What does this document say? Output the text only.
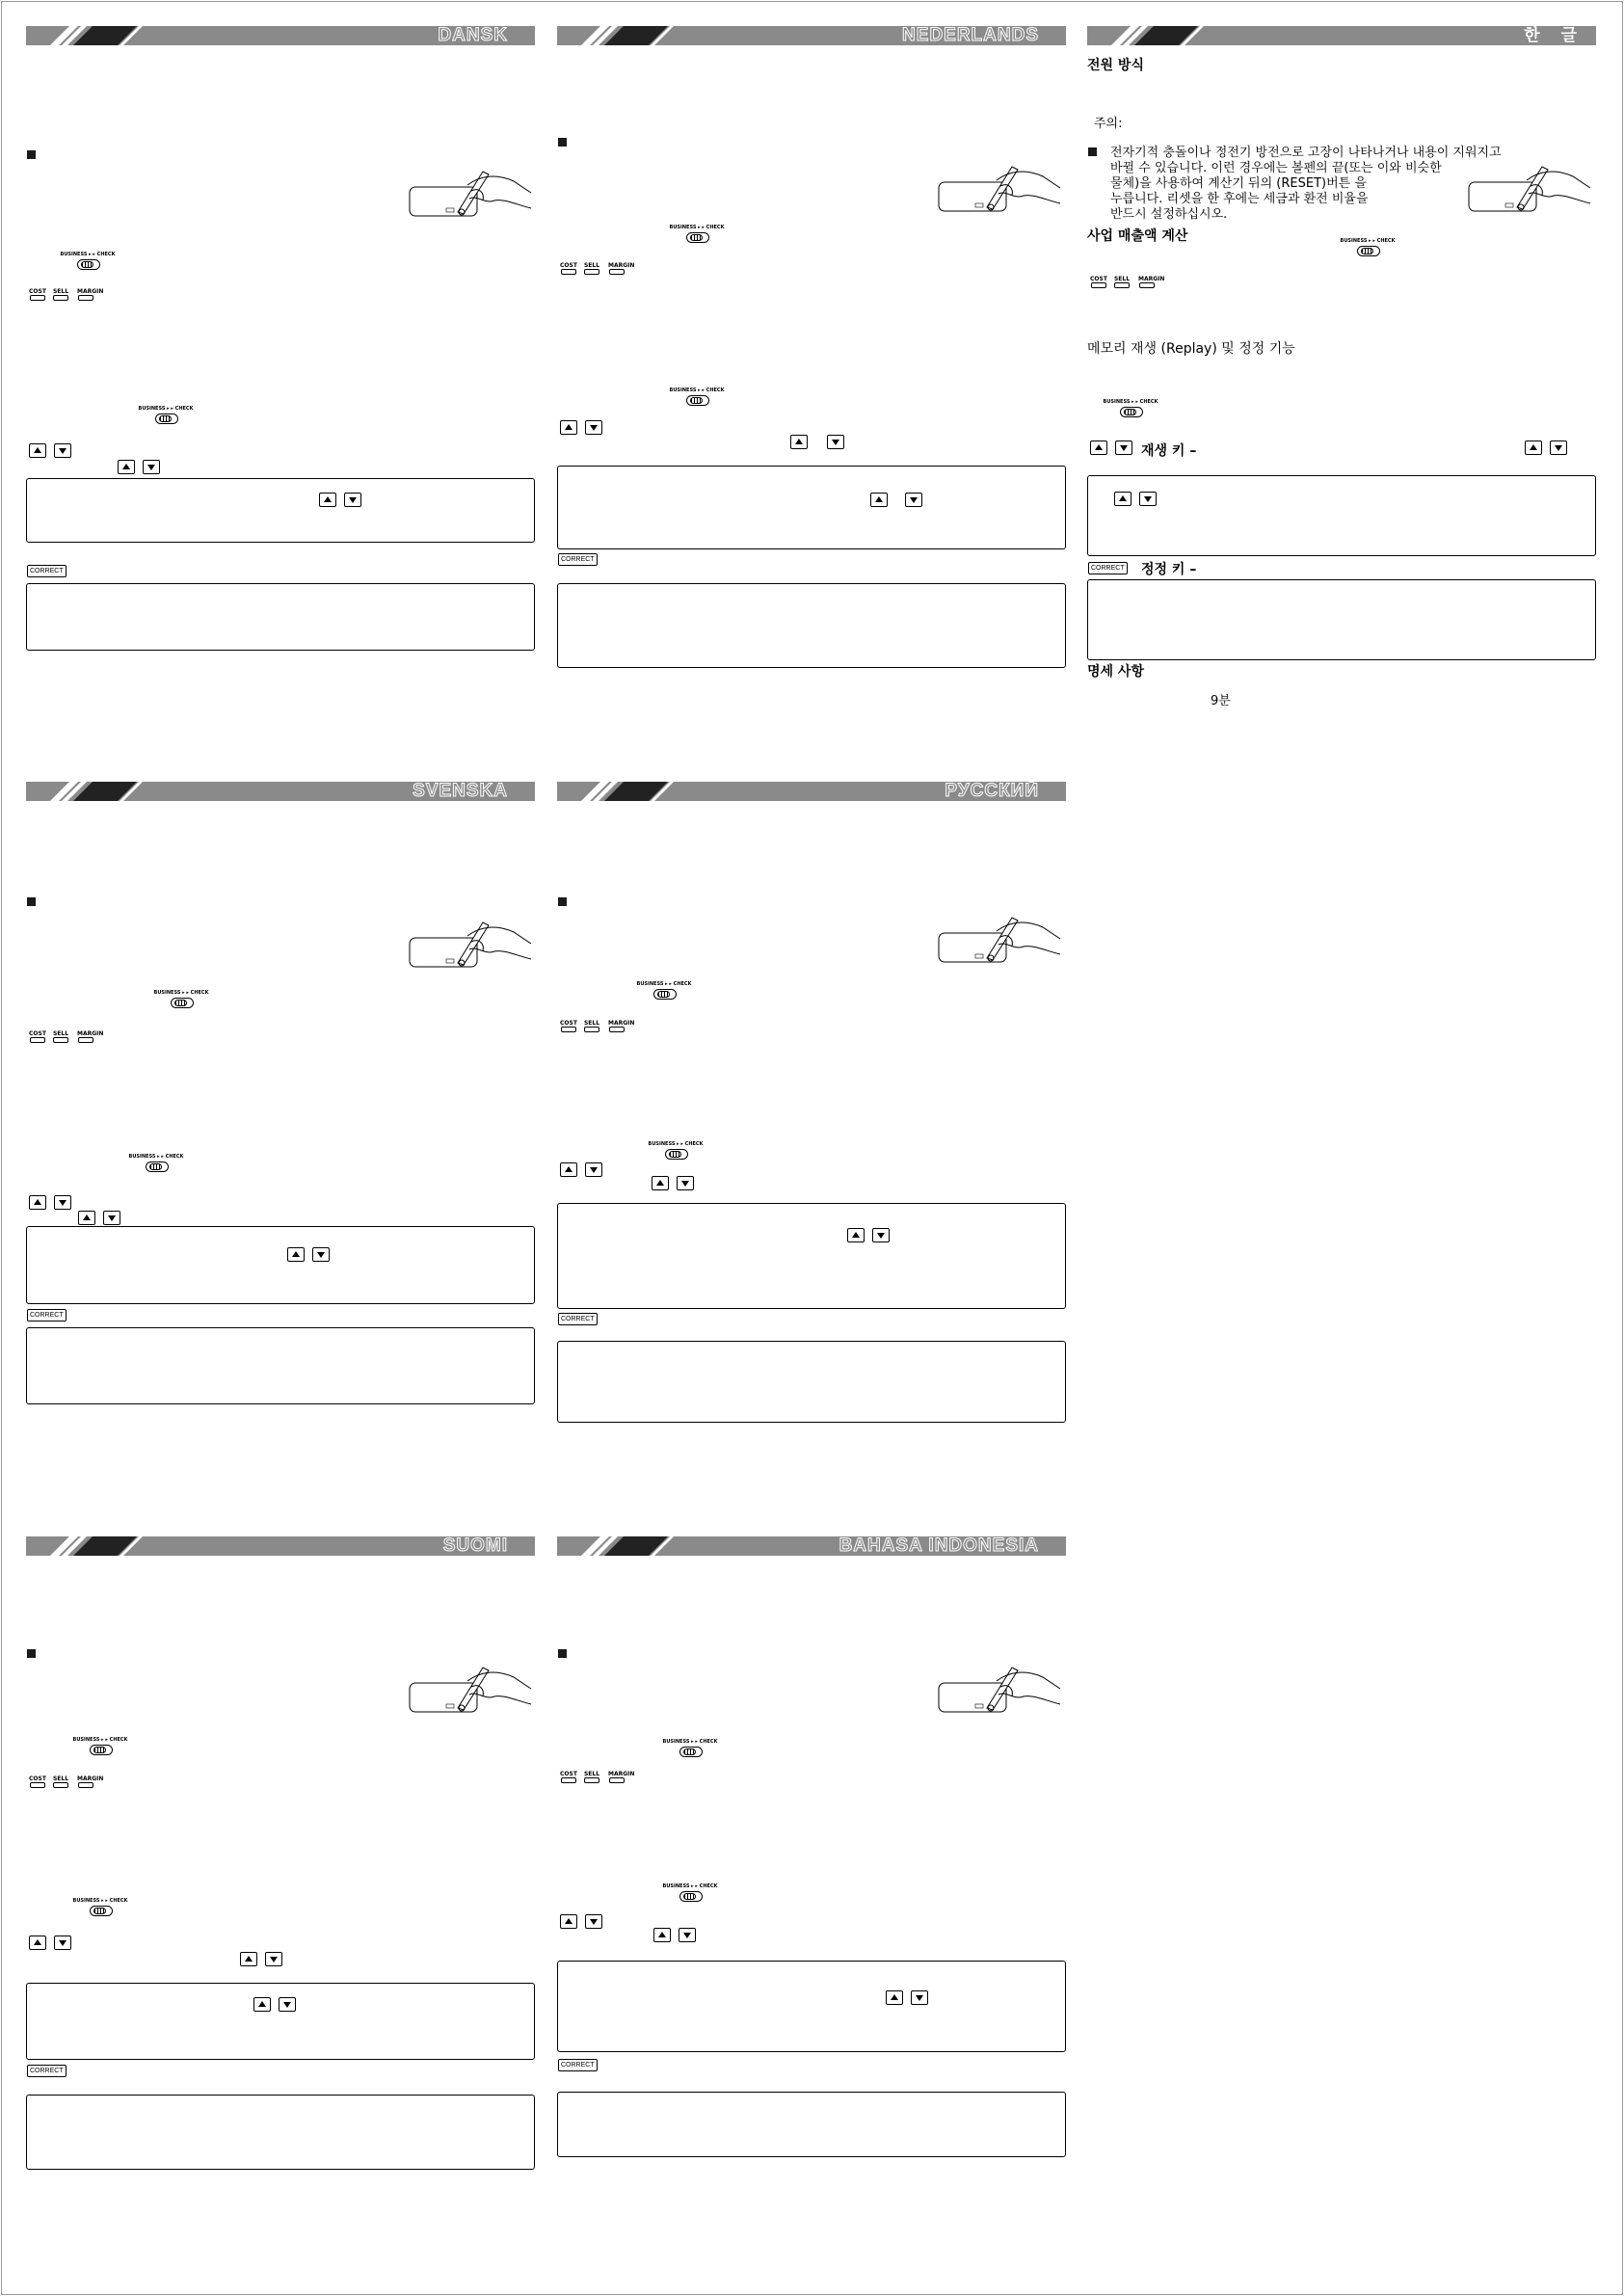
DANSK
BUSINESS ▸ ▸ CHECK
COST SELL MARGIN
BUSINESS ▸ ▸ CHECK
CORRECT
NEDERLANDS
BUSINESS ▸ ▸ CHECK
COST SELL MARGIN
BUSINESS ▸ ▸ CHECK
CORRECT
한 글
전원 방식
주의:
전자기적 충돌이나 정전기 방전으로 고장이 나타나거나 내용이 지워지고
바뀔 수 있습니다. 이런 경우에는 볼펜의 끝(또는 이와 비슷한
물체)을 사용하여 계산기 뒤의 (RESET)버튼 을
누릅니다. 리셋을 한 후에는 세금과 환전 비율을
반드시 설정하십시오.
사업 매출액 계산	BUSINESS ▸ ▸ CHECK
COST SELL MARGIN
메모리 재생 (Replay) 및 정정 기능
BUSINESS ▸ ▸ CHECK
재생 키 –
CORRECT 정정 키 –
명세 사항
9분
SVENSKA
BUSINESS ▸ ▸ CHECK
COST SELL MARGIN
BUSINESS ▸ ▸ CHECK
CORRECT
РУССКИЙ
BUSINESS ▸ ▸ CHECK
COST SELL MARGIN
BUSINESS ▸ ▸ CHECK
CORRECT
SUOMI
BUSINESS ▸ ▸ CHECK
COST SELL MARGIN
BUSINESS ▸ ▸ CHECK
CORRECT
BAHASA INDONESIA
BUSINESS ▸ ▸ CHECK
COST SELL MARGIN
BUSINESS ▸ ▸ CHECK
CORRECT
